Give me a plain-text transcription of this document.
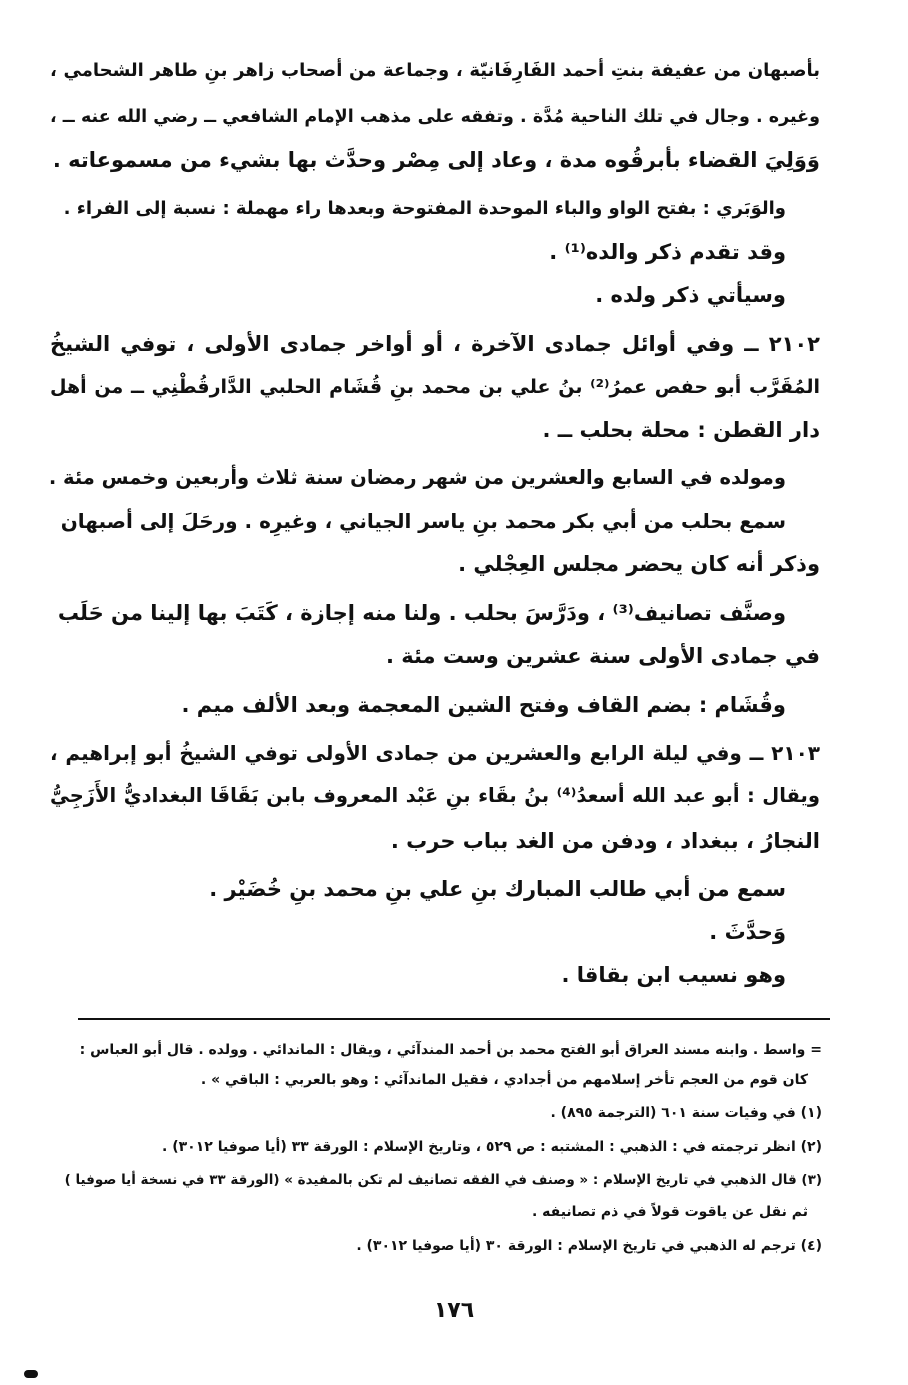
بأصبهان من عفيفة بنتِ أحمد الفَارِفَانيّة ، وجماعة من أصحاب زاهر بنِ طاهر الشحامي ،
وغيره . وجال في تلك الناحية مُدَّة . وتفقه على مذهب الإمام الشافعي ــ رضي الله عنه ــ ،
وَوَلِيَ القضاء بأبرقُوه مدة ، وعاد إلى مِصْر وحدَّث بها بشيء من مسموعاته .
والوَبَري : بفتح الواو والباء الموحدة المفتوحة وبعدها راء مهملة : نسبة إلى الفراء .
وقد تقدم ذكر والده⁽¹⁾ .
وسيأتي ذكر ولده .
٢١٠٢ ــ وفي أوائل جمادى الآخرة ، أو أواخر جمادى الأولى ، توفي الشيخُ
المُقَرَّب أبو حفص عمرُ⁽²⁾ بنُ علي بن محمد بنِ قُشَام الحلبي الدَّارقُطْنِي ــ من أهل
دار القطن : محلة بحلب ــ .
ومولده في السابع والعشرين من شهر رمضان سنة ثلاث وأربعين وخمس مئة .
سمع بحلب من أبي بكر محمد بنِ ياسر الجياني ، وغيرِه . ورحَلَ إلى أصبهان
وذكر أنه كان يحضر مجلس العِجْلي .
وصنَّف تصانيف⁽³⁾ ، ودَرَّسَ بحلب . ولنا منه إجازة ، كَتَبَ بها إلينا من حَلَب
في جمادى الأولى سنة عشرين وست مئة .
وقُشَام : بضم القاف وفتح الشين المعجمة وبعد الألف ميم .
٢١٠٣ ــ وفي ليلة الرابع والعشرين من جمادى الأولى توفي الشيخُ أبو إبراهيم ،
ويقال : أبو عبد الله أسعدُ⁽⁴⁾ بنُ بقَاء بنِ عَبْد المعروف بابن بَقَاقَا البغداديُّ الأَزَجِيُّ
النجارُ ، ببغداد ، ودفن من الغد بباب حرب .
سمع من أبي طالب المبارك بنِ علي بنِ محمد بنِ خُضَيْر .
وَحدَّثَ .
وهو نسيب ابن بقاقا .
= واسط . وابنه مسند العراق أبو الفتح محمد بن أحمد المندآئي ، ويقال : الماندائي . وولده . قال أبو العباس :
كان قوم من العجم تأخر إسلامهم من أجدادي ، فقيل الماندآئي : وهو بالعربي : الباقي » .
(١) في وفيات سنة ٦٠١ (الترجمة ٨٩٥) .
(٢) انظر ترجمته في : الذهبي : المشتبه : ص ٥٢٩ ، وتاريخ الإسلام : الورقة ٣٣ (أيا صوفيا ٣٠١٢) .
(٣) قال الذهبي في تاريخ الإسلام : « وصنف في الفقه تصانيف لم تكن بالمفيدة » (الورقة ٣٣ في نسخة أيا صوفيا )
ثم نقل عن ياقوت قولاً في ذم تصانيفه .
(٤) ترجم له الذهبي في تاريخ الإسلام : الورقة ٣٠ (أيا صوفيا ٣٠١٢) .
١٧٦
